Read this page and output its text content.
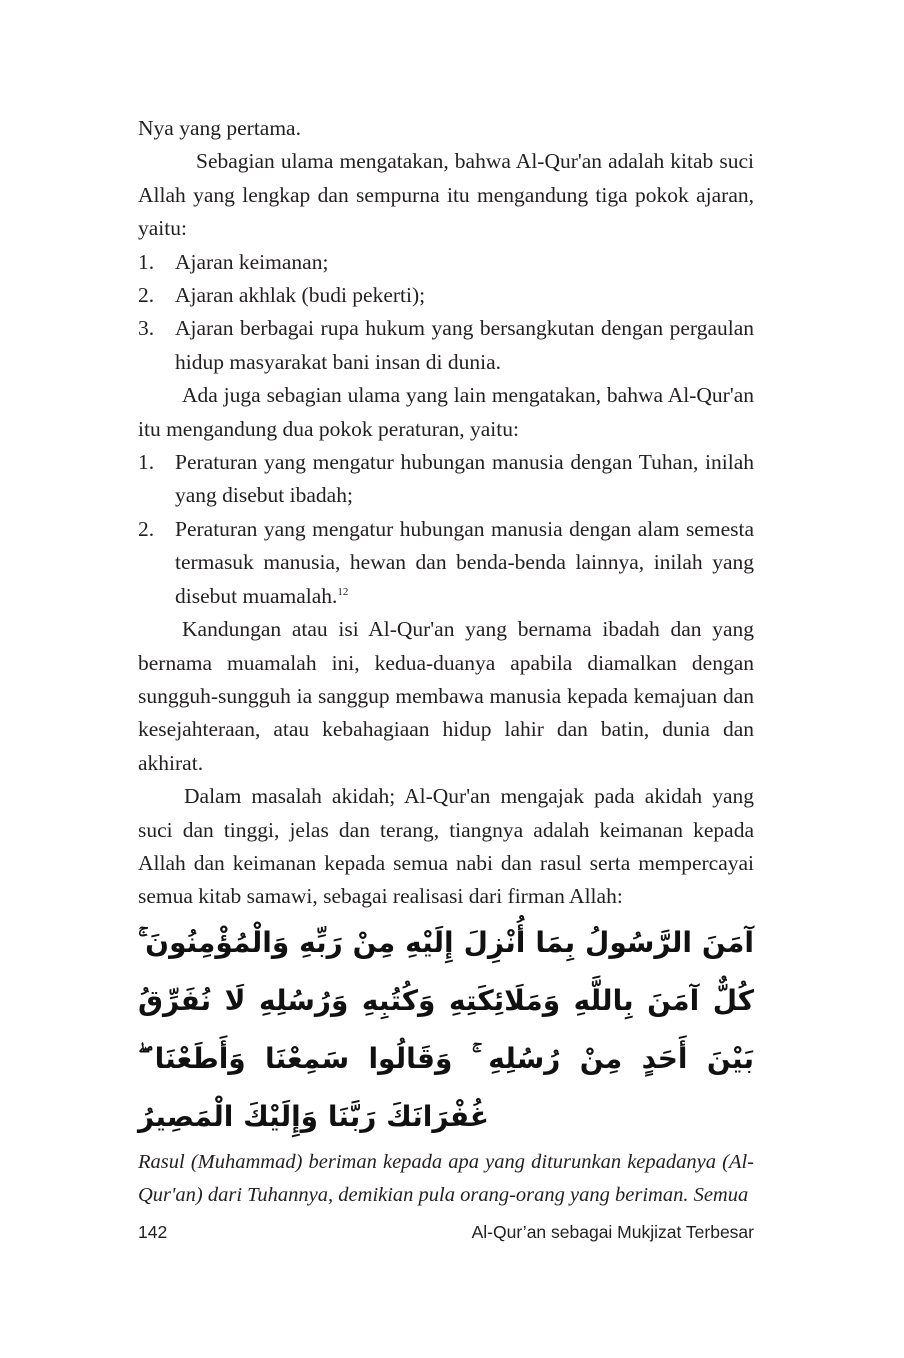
Nya yang pertama.

Sebagian ulama mengatakan, bahwa Al-Qur'an adalah kitab suci Allah yang lengkap dan sempurna itu mengandung tiga pokok ajaran, yaitu:

1. Ajaran keimanan;
2. Ajaran akhlak (budi pekerti);
3. Ajaran berbagai rupa hukum yang bersangkutan dengan pergaulan hidup masyarakat bani insan di dunia.

Ada juga sebagian ulama yang lain mengatakan, bahwa Al-Qur'an itu mengandung dua pokok peraturan, yaitu:

1. Peraturan yang mengatur hubungan manusia dengan Tuhan, inilah yang disebut ibadah;
2. Peraturan yang mengatur hubungan manusia dengan alam semesta termasuk manusia, hewan dan benda-benda lainnya, inilah yang disebut muamalah.$^{12}$

Kandungan atau isi Al-Qur'an yang bernama ibadah dan yang bernama muamalah ini, kedua-duanya apabila diamalkan dengan sungguh-sungguh ia sanggup membawa manusia kepada kemajuan dan kesejahteraan, atau kebahagiaan hidup lahir dan batin, dunia dan akhirat.

Dalam masalah akidah; Al-Qur'an mengajak pada akidah yang suci dan tinggi, jelas dan terang, tiangnya adalah keimanan kepada Allah dan keimanan kepada semua nabi dan rasul serta mempercayai semua kitab samawi, sebagai realisasi dari firman Allah:

آمَنَ الرَّسُولُ بِمَا أُنْزِلَ إِلَيْهِ مِنْ رَبِّهِ وَالْمُؤْمِنُونَ ۚ كُلٌّ آمَنَ بِاللَّهِ وَمَلَائِكَتِهِ وَكُتُبِهِ وَرُسُلِهِ لَا نُفَرِّقُ بَيْنَ أَحَدٍ مِنْ رُسُلِهِ ۚ وَقَالُوا سَمِعْنَا وَأَطَعْنَا ۖ غُفْرَانَكَ رَبَّنَا وَإِلَيْكَ الْمَصِيرُ

Rasul (Muhammad) beriman kepada apa yang diturunkan kepadanya (Al-Qur'an) dari Tuhannya, demikian pula orang-orang yang beriman. Semua

142	Al-Qur’an sebagai Mukjizat Terbesar
